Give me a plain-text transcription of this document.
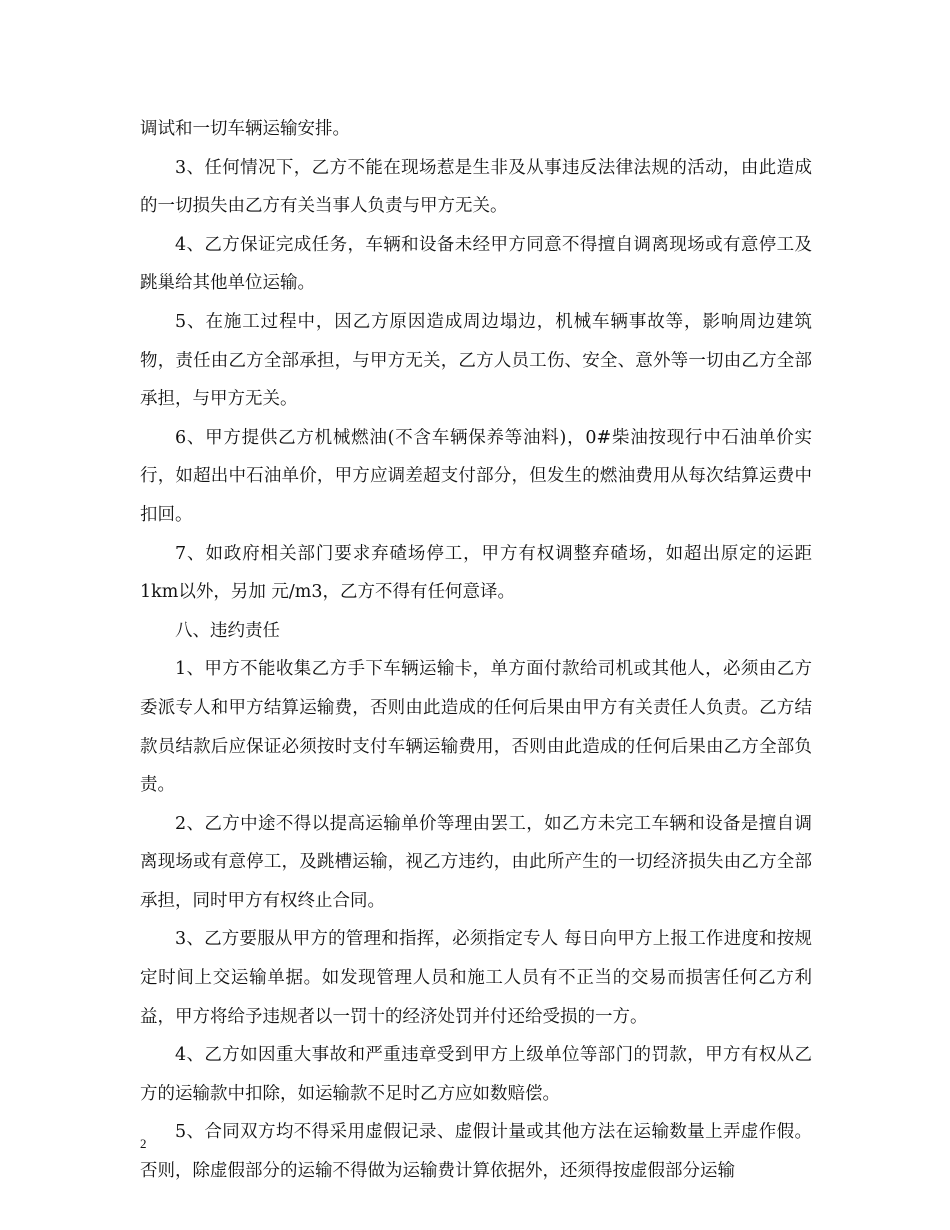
调试和一切车辆运输安排。

3、任何情况下，乙方不能在现场惹是生非及从事违反法律法规的活动，由此造成的一切损失由乙方有关当事人负责与甲方无关。

4、乙方保证完成任务，车辆和设备未经甲方同意不得擅自调离现场或有意停工及跳巢给其他单位运输。

5、在施工过程中，因乙方原因造成周边塌边，机械车辆事故等，影响周边建筑物，责任由乙方全部承担，与甲方无关，乙方人员工伤、安全、意外等一切由乙方全部承担，与甲方无关。

6、甲方提供乙方机械燃油(不含车辆保养等油料)，0#柴油按现行中石油单价实行，如超出中石油单价，甲方应调差超支付部分，但发生的燃油费用从每次结算运费中扣回。

7、如政府相关部门要求弃碴场停工，甲方有权调整弃碴场，如超出原定的运距1km以外，另加 元/m3，乙方不得有任何意译。

八、违约责任

1、甲方不能收集乙方手下车辆运输卡，单方面付款给司机或其他人，必须由乙方委派专人和甲方结算运输费，否则由此造成的任何后果由甲方有关责任人负责。乙方结款员结款后应保证必须按时支付车辆运输费用，否则由此造成的任何后果由乙方全部负责。

2、乙方中途不得以提高运输单价等理由罢工，如乙方未完工车辆和设备是擅自调离现场或有意停工，及跳槽运输，视乙方违约，由此所产生的一切经济损失由乙方全部承担，同时甲方有权终止合同。

3、乙方要服从甲方的管理和指挥，必须指定专人 每日向甲方上报工作进度和按规定时间上交运输单据。如发现管理人员和施工人员有不正当的交易而损害任何乙方利益，甲方将给予违规者以一罚十的经济处罚并付还给受损的一方。

4、乙方如因重大事故和严重违章受到甲方上级单位等部门的罚款，甲方有权从乙方的运输款中扣除，如运输款不足时乙方应如数赔偿。

5、合同双方均不得采用虚假记录、虚假计量或其他方法在运输数量上弄虚作假。否则，除虚假部分的运输不得做为运输费计算依据外，还须得按虚假部分运输

2
